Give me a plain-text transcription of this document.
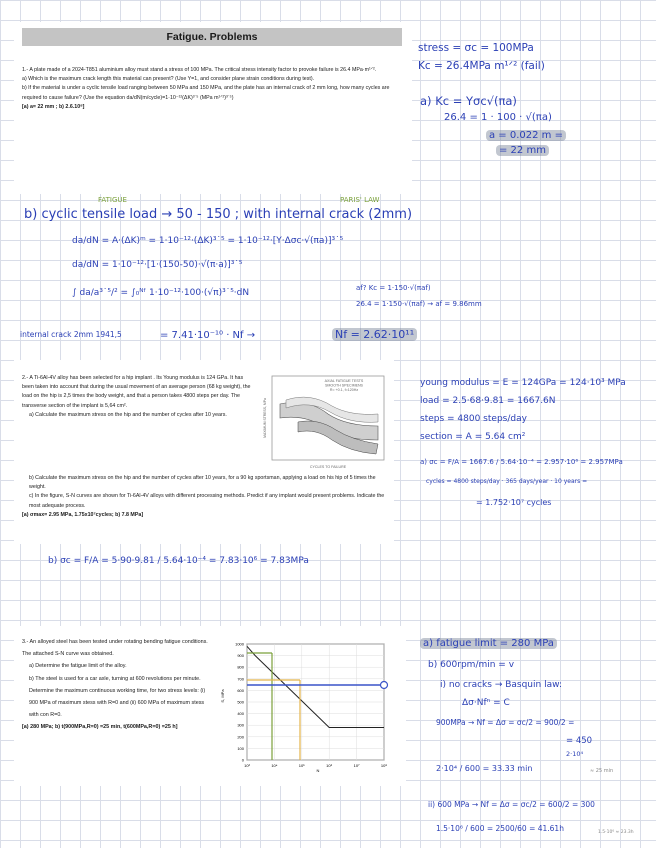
Fatigue. Problems

1.- A plate made of a 2024-T851 aluminium alloy must stand a stress of 100 MPa. The critical stress intensity factor to provoke failure is 26.4 MPa·m¹ᐟ².

a) Which is the maximum crack length this material can present? (Use Y=1, and consider plane strain conditions during test).

b) If the material is under a cyclic tensile load ranging between 50 MPa and 150 MPa, and the plate has an internal crack of 2 mm long, how many cycles are required to cause failure? (Use the equation da/dN(m/cycle)=1·10⁻¹²(ΔK)³˙⁵ (MPa m¹ᐟ²)³˙⁵)

[a) a= 22 mm ; b) 2.6.10⁸]

2.- A Ti-6Al-4V alloy has been selected for a hip implant . Its Young modulus is 124 GPa. It has been taken into account that during the usual movement of an average person (68 kg weight), the load on the hip is 2,5 times the body weight, and that a person takes 4800 steps per day. The transverse section of the implant is 5,64 cm².

a) Calculate the maximum stress on the hip and the number of cycles after 10 years.

b) Calculate the maximum stress on the hip and the number of cycles after 10 years, for a 90 kg sportsman, applying a load on his hip of 5 times the weight.

c) In the figure, S-N curves are shown for Ti-6Al-4V alloys with different processing methods. Predict if any implant would present problems. Indicate the most adequate process.

[a) σmax= 2.95 MPa, 1.75x10⁷cycles; b) 7.8 MPa]

AXIAL FATIGUE TESTS SMOOTH SPECIMENS R= +0.1, f=120Hz
CYCLES TO FAILURE
MAXIMUM STRESS, MPa

3.- An alloyed steel has been tested under rotating bending fatigue conditions. The attached S-N curve was obtained.

a) Determine the fatigue limit of the alloy.

b) The steel is used for a car axle, turning at 600 revolutions per minute. Determine the maximum continuous working time, for two stress levels: (i) 900 MPa of maximum stess with R=0 and (ii) 600 MPa of maximum stess with con R=0.

[a) 280 MPa; b) t(900MPa,R=0) =25 min, t(600MPa,R=0) =25 h]

0
100
200
300
400
500
600
700
800
900
1000
10³	10⁴	10⁵	10⁶	10⁷	10⁸
S, MPa
N
stress = σc = 100MPa
Kc = 26.4MPa m¹ᐟ² (fail)
a) Kc = Yσc√(πa)
26.4 = 1 · 100 · √(πa)
a = 0.022 m =
= 22 mm
FATIGUE	PARIS' LAW
b) cyclic tensile load → 50 - 150 ; with internal crack (2mm)
da/dN = A·(ΔK)ᵐ = 1·10⁻¹²·(ΔK)³˙⁵ = 1·10⁻¹²·[Y·Δσc·√(πa)]³˙⁵
da/dN = 1·10⁻¹²·[1·(150-50)·√(π·a)]³˙⁵
∫ da/a³˙⁵/² = ∫₀ᴺᶠ 1·10⁻¹²·100·(√π)³˙⁵·dN	af? Kc = 1·150·√(πaf)
26.4 = 1·150·√(πaf) → af = 9.86mm
internal crack 2mm 1941,5	= 7.41·10⁻¹⁰ · Nf →	Nf = 2.62·10¹¹
young modulus = E = 124GPa = 124·10³ MPa
load = 2.5·68·9.81 = 1667.6N
steps = 4800 steps/day
section = A = 5.64 cm²
a) σc = F/A = 1667.6 / 5.64·10⁻⁴ = 2.957·10⁶ = 2.957MPa
cycles = 4800 steps/day · 365 days/year · 10 years =
= 1.752·10⁷ cycles
b) σc = F/A = 5·90·9.81 / 5.64·10⁻⁴ = 7.83·10⁶ = 7.83MPa
a) fatigue limit = 280 MPa
b) 600rpm/min = v
i) no cracks → Basquin law:
Δσ·Nfⁿ = C
900MPa → Nf = Δσ = σc/2 = 900/2 =
= 450
2·10⁴
2·10⁴ / 600 = 33.33 min	≈ 25 min
ii) 600 MPa → Nf = Δσ = σc/2 = 600/2 = 300
1.5·10⁶ / 600 = 2500/60 = 41.61h	1.5·10⁶ ≈ 23.3h
